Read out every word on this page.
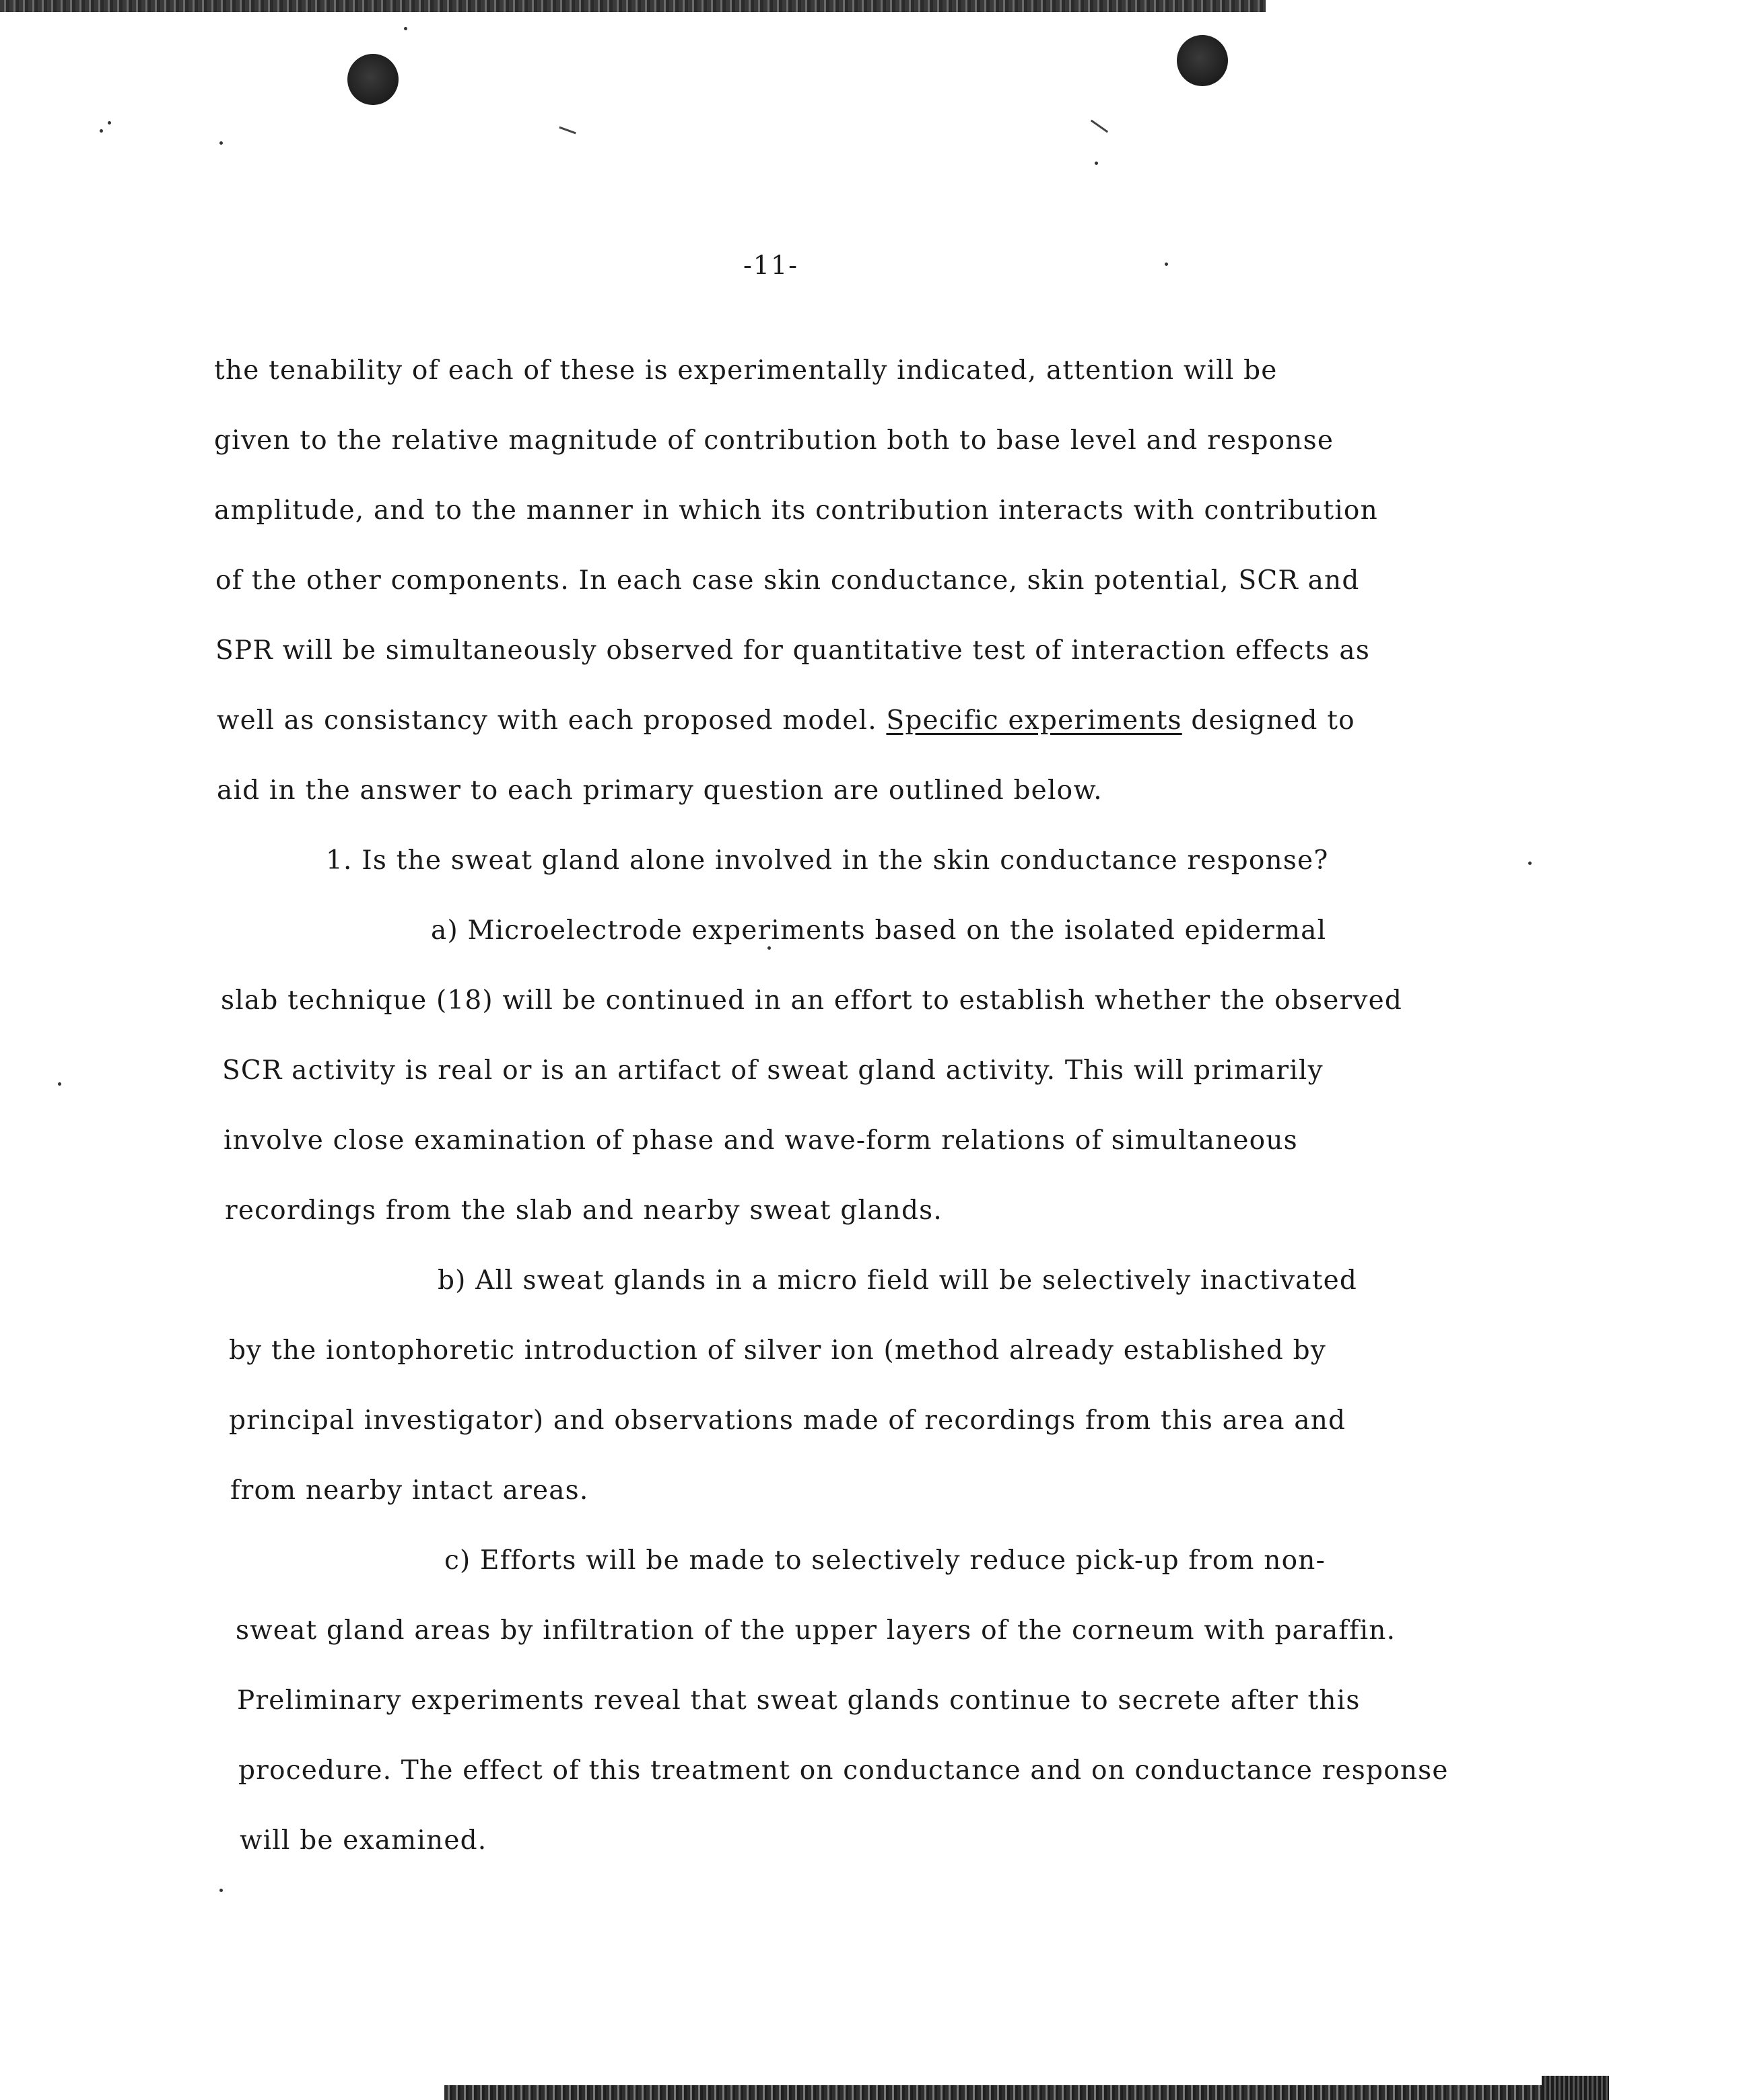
-11-
the tenability of each of these is experimentally indicated, attention will be
given to the relative magnitude of contribution both to base level and response
amplitude, and to the manner in which its contribution interacts with contribution
of the other components. In each case skin conductance, skin potential, SCR and
SPR will be simultaneously observed for quantitative test of interaction effects as
well as consistancy with each proposed model. Specific experiments designed to
aid in the answer to each primary question are outlined below.
1. Is the sweat gland alone involved in the skin conductance response?
a) Microelectrode experiments based on the isolated epidermal
slab technique (18) will be continued in an effort to establish whether the observed
SCR activity is real or is an artifact of sweat gland activity. This will primarily
involve close examination of phase and wave-form relations of simultaneous
recordings from the slab and nearby sweat glands.
b) All sweat glands in a micro field will be selectively inactivated
by the iontophoretic introduction of silver ion (method already established by
principal investigator) and observations made of recordings from this area and
from nearby intact areas.
c) Efforts will be made to selectively reduce pick-up from non-
sweat gland areas by infiltration of the upper layers of the corneum with paraffin.
Preliminary experiments reveal that sweat glands continue to secrete after this
procedure. The effect of this treatment on conductance and on conductance response
will be examined.
